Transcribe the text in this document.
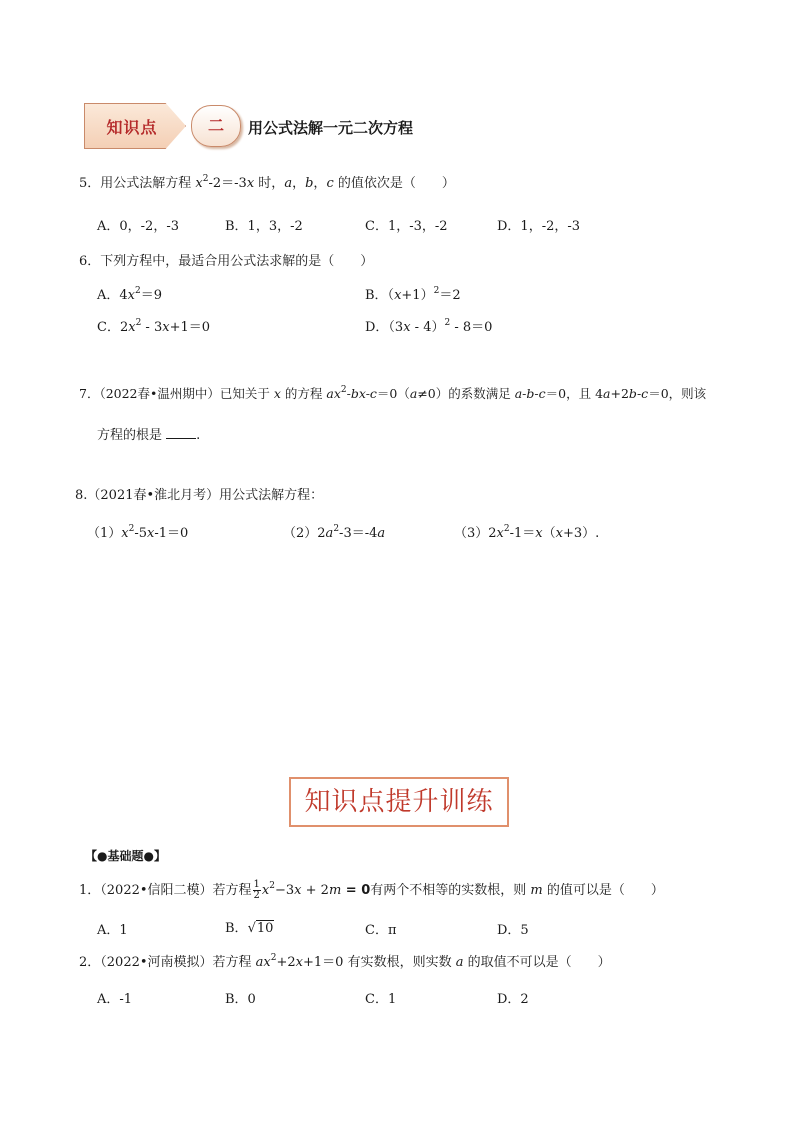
知识点	二	用公式法解一元二次方程
5．用公式法解方程 $x^2-2=-3x$ 时，a，b，c 的值依次是（　　）
A．0，-2，-3	B．1，3，-2	C．1，-3，-2	D．1，-2，-3
6．下列方程中，最适合用公式法求解的是（　　）
A．$4x^2=9$	B．$(x+1)^2=2$
C．$2x^2 - 3x+1=0$	D．（3x - 4）$^2$ - 8＝0
7．（2022春•温州期中）已知关于 x 的方程 $ax^2-bx-c=0(a\ne 0)$的系数满足 a-b-c＝0，且 4a+2b-c＝0，则该
方程的根是 .
8.（2021春•淮北月考）用公式法解方程：
$(1)x^2-5x-1=0$	$(2)2a^2-3=-4a$	$(3)2x^2-1=x(x+3)$.
知识点提升训练
【●基础题●】
1．（2022•信阳二模）若方程 $\frac{1}{2} x^2-3x + 2m = 0$有两个不相等的实数根，则 m 的值可以是（　　）
A．1	B．√10	C．π	D．5
2．（2022•河南模拟）若方程 $ax^2+2x+1=0$ 有实数根，则实数 a 的取值不可以是（　　）
A．-1	B．0	C．1	D．2
